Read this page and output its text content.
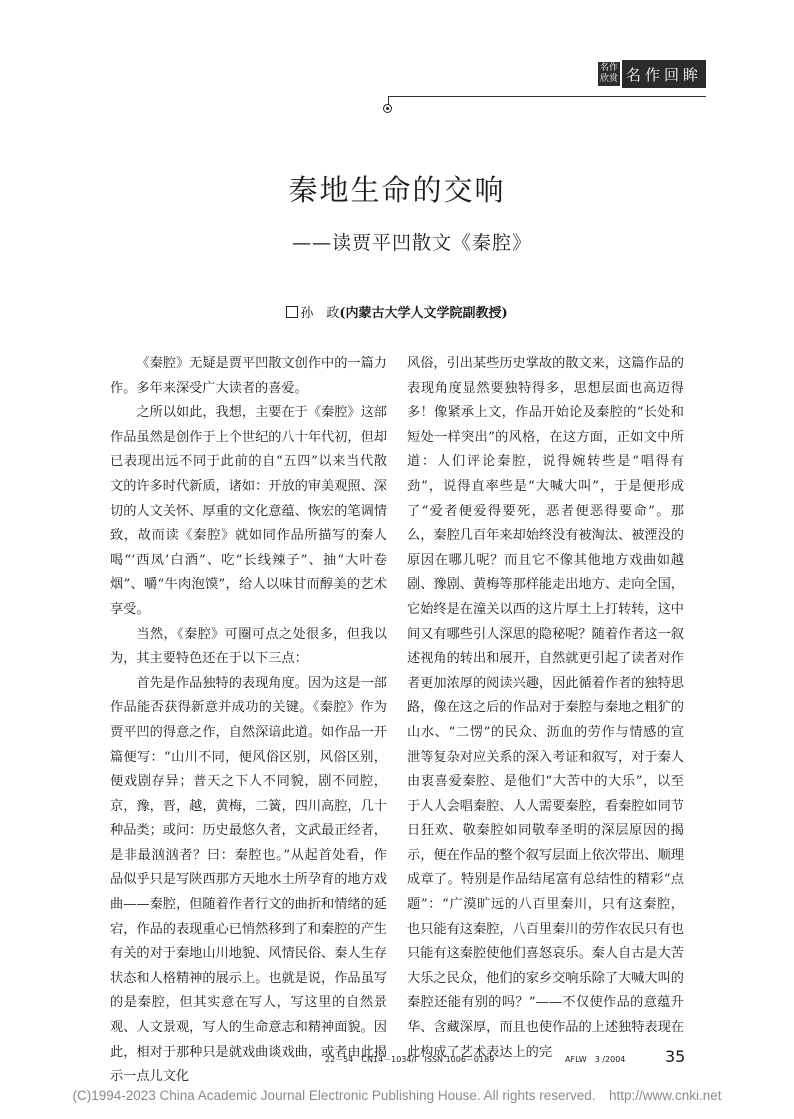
名作欣赏 名作回眸
秦地生命的交响
——读贾平凹散文《秦腔》
孙　政(内蒙古大学人文学院副教授)

《秦腔》无疑是贾平凹散文创作中的一篇力作。多年来深受广大读者的喜爱。

之所以如此，我想，主要在于《秦腔》这部作品虽然是创作于上个世纪的八十年代初，但却已表现出远不同于此前的自“五四”以来当代散文的许多时代新质，诸如：开放的审美观照、深切的人文关怀、厚重的文化意蕴、恢宏的笔调情致，故而读《秦腔》就如同作品所描写的秦人喝“‘西凤’白酒”、吃“长线辣子”、抽“大叶卷烟”、嚼“牛肉泡馍”，给人以味甘而醇美的艺术享受。

当然，《秦腔》可圈可点之处很多，但我以为，其主要特色还在于以下三点：

首先是作品独特的表现角度。因为这是一部作品能否获得新意并成功的关键。《秦腔》作为贾平凹的得意之作，自然深谙此道。如作品一开篇便写：“山川不同，便风俗区别，风俗区别，便戏剧存异；普天之下人不同貌，剧不同腔，京，豫，晋，越，黄梅，二簧，四川高腔，几十种品类；或问：历史最悠久者，文武最正经者，是非最汹汹者？曰：秦腔也。”从起首处看，作品似乎只是写陕西那方天地水土所孕育的地方戏曲——秦腔，但随着作者行文的曲折和情绪的延宕，作品的表现重心已悄然移到了和秦腔的产生有关的对于秦地山川地貌、风情民俗、秦人生存状态和人格精神的展示上。也就是说，作品虽写的是秦腔，但其实意在写人，写这里的自然景观、人文景观，写人的生命意志和精神面貌。因此，相对于那种只是就戏曲谈戏曲，或者由此揭示一点儿文化

风俗，引出某些历史掌故的散文来，这篇作品的表现角度显然要独特得多，思想层面也高迈得多！像紧承上文，作品开始论及秦腔的“长处和短处一样突出”的风格，在这方面，正如文中所道：人们评论秦腔，说得婉转些是“唱得有劲”，说得直率些是“大喊大叫”，于是便形成了“爱者便爱得要死，恶者便恶得要命”。那么，秦腔几百年来却始终没有被淘汰、被湮没的原因在哪儿呢？而且它不像其他地方戏曲如越剧、豫剧、黄梅等那样能走出地方、走向全国，它始终是在潼关以西的这片厚土上打转转，这中间又有哪些引人深思的隐秘呢？随着作者这一叙述视角的转出和展开，自然就更引起了读者对作者更加浓厚的阅读兴趣，因此循着作者的独特思路，像在这之后的作品对于秦腔与秦地之粗犷的山水、“二愣”的民众、沥血的劳作与情感的宣泄等复杂对应关系的深入考证和叙写，对于秦人由衷喜爱秦腔、是他们“大苦中的大乐”，以至于人人会唱秦腔、人人需要秦腔，看秦腔如同节日狂欢、敬秦腔如同敬奉圣明的深层原因的揭示，便在作品的整个叙写层面上依次带出、顺理成章了。特别是作品结尾富有总结性的精彩“点题”：“广漠旷远的八百里秦川，只有这秦腔，也只能有这秦腔，八百里秦川的劳作农民只有也只能有这秦腔使他们喜怒哀乐。秦人自古是大苦大乐之民众，他们的家乡交响乐除了大喊大叫的秦腔还能有别的吗？”——不仅使作品的意蕴升华、含藏深厚，而且也使作品的上述独特表现在此构成了艺术表达上的完

22－54　CN14－1034/I　ISSN 1006－0189	AFLW　3 /2004 35
(C)1994-2023 China Academic Journal Electronic Publishing House. All rights reserved.　http://www.cnki.net
